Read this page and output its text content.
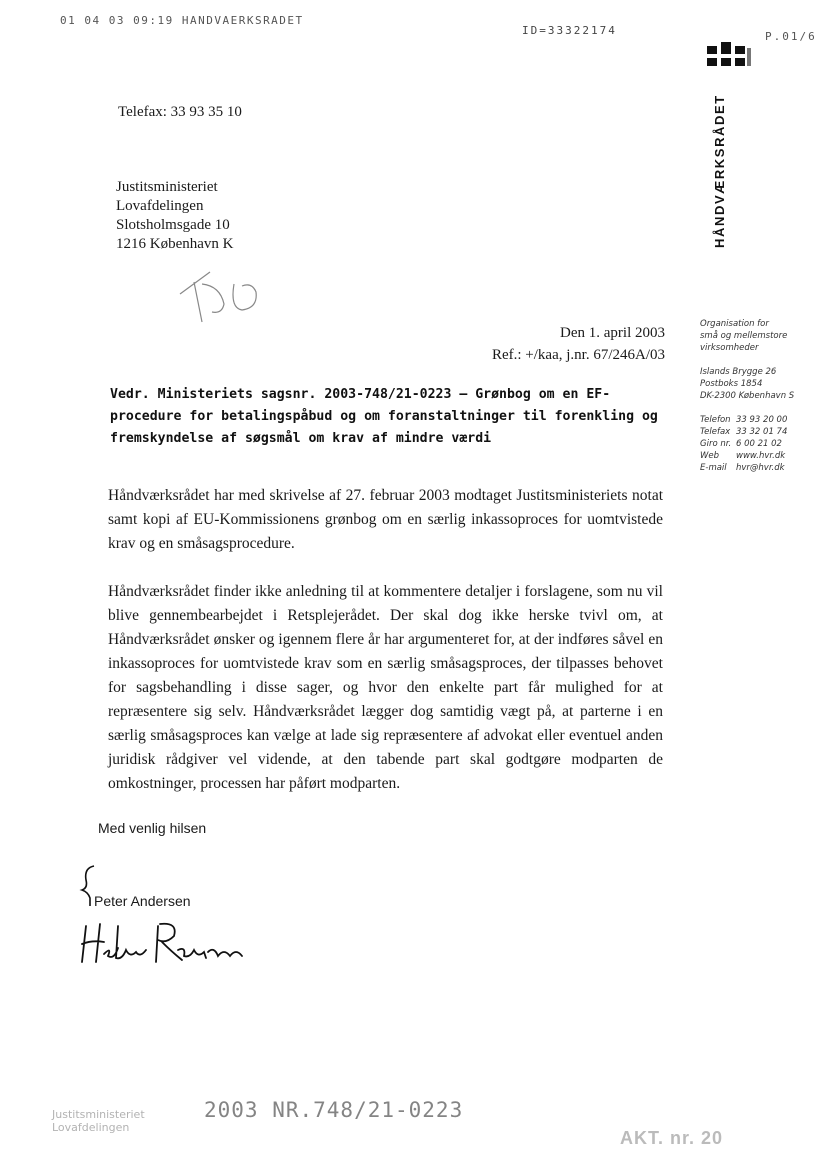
01 04 03 09:19 HANDVAERKSRADET
ID=33322174	P.01/6
HÅNDVÆRKSRÅDET
Telefax: 33 93 35 10
Justitsministeriet
Lovafdelingen
Slotsholmsgade 10
1216 København K
Den 1. april 2003
Ref.: +/kaa, j.nr. 67/246A/03
Organisation for
små og mellemstore
virksomheder
Islands Brygge 26
Postboks 1854
DK-2300 København S
Telefon 33 93 20 00
Telefax 33 32 01 74
Giro nr. 6 00 21 02
Web	www.hvr.dk
E-mail	hvr@hvr.dk
Vedr. Ministeriets sagsnr. 2003-748/21-0223 – Grønbog om en EF-procedure for betalingspåbud og om foranstaltninger til forenkling og fremskyndelse af søgsmål om krav af mindre værdi
Håndværksrådet har med skrivelse af 27. februar 2003 modtaget Justitsministeriets notat samt kopi af EU-Kommissionens grønbog om en særlig inkassoproces for uomtvistede krav og en småsagsprocedure.
Håndværksrådet finder ikke anledning til at kommentere detaljer i forslagene, som nu vil blive gennembearbejdet i Retsplejerådet. Der skal dog ikke herske tvivl om, at Håndværksrådet ønsker og igennem flere år har argumenteret for, at der indføres såvel en inkassoproces for uomtvistede krav som en særlig småsagsproces, der tilpasses behovet for sagsbehandling i disse sager, og hvor den enkelte part får mulighed for at repræsentere sig selv. Håndværksrådet lægger dog samtidig vægt på, at parterne i en særlig småsagsproces kan vælge at lade sig repræsentere af advokat eller eventuel anden juridisk rådgiver vel vidende, at den tabende part skal godtgøre modparten de omkostninger, processen har påført modparten.
Med venlig hilsen
Peter Andersen
Justitsministeriet
Lovafdelingen
2003 NR.748/21-0223
AKT. nr. 20
